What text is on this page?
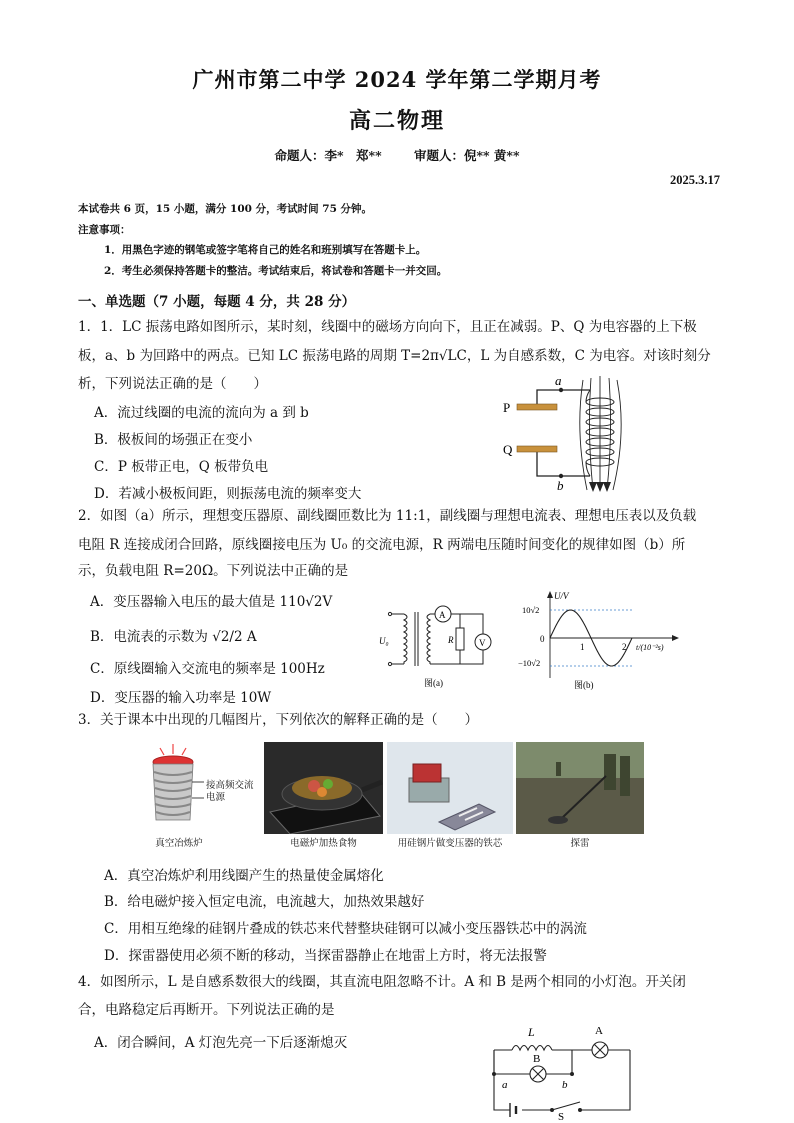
广州市第二中学 2024 学年第二学期月考
高二物理
命题人：李*　郑**	审题人：倪** 黄**
2025.3.17
本试卷共 6 页，15 小题，满分 100 分，考试时间 75 分钟。
注意事项：
1．用黑色字迹的钢笔或签字笔将自己的姓名和班别填写在答题卡上。
2．考生必须保持答题卡的整洁。考试结束后，将试卷和答题卡一并交回。
一、单选题（7 小题，每题 4 分，共 28 分）
1．1．LC 振荡电路如图所示，某时刻，线圈中的磁场方向向下，且正在减弱。P、Q 为电容器的上下极
板，a、b 为回路中的两点。已知 LC 振荡电路的周期 T=2π√LC，L 为自感系数，C 为电容。对该时刻分
析，下列说法正确的是（　　）
A．流过线圈的电流的流向为 a 到 b
B．极板间的场强正在变小
C．P 板带正电，Q 板带负电
D．若减小极板间距，则振荡电流的频率变大
a
b
P
Q
2．如图（a）所示，理想变压器原、副线圈匝数比为 11:1，副线圈与理想电流表、理想电压表以及负载
电阻 R 连接成闭合回路，原线圈接电压为 U₀ 的交流电源，R 两端电压随时间变化的规律如图（b）所
示，负载电阻 R=20Ω。下列说法中正确的是
A．变压器输入电压的最大值是 110√2V
B．电流表的示数为 √2/2 A
C．原线圈输入交流电的频率是 100Hz
D．变压器的输入功率是 10W
U₀
A
V
R
图(a)
U/V
10√2
−10√2
0
1	2 t/(10⁻²s)
图(b)
3．关于课本中出现的几幅图片，下列依次的解释正确的是（　　）
接高频交流电源
真空冶炼炉	电磁炉加热食物	用硅钢片做变压器的铁芯	探雷
A．真空冶炼炉利用线圈产生的热量使金属熔化
B．给电磁炉接入恒定电流，电流越大，加热效果越好
C．用相互绝缘的硅钢片叠成的铁芯来代替整块硅钢可以减小变压器铁芯中的涡流
D．探雷器使用必须不断的移动，当探雷器静止在地雷上方时，将无法报警
4．如图所示，L 是自感系数很大的线圈，其直流电阻忽略不计。A 和 B 是两个相同的小灯泡。开关闭
合，电路稳定后再断开。下列说法正确的是
A．闭合瞬间，A 灯泡先亮一下后逐渐熄灭
L	A
B
a	b
S
